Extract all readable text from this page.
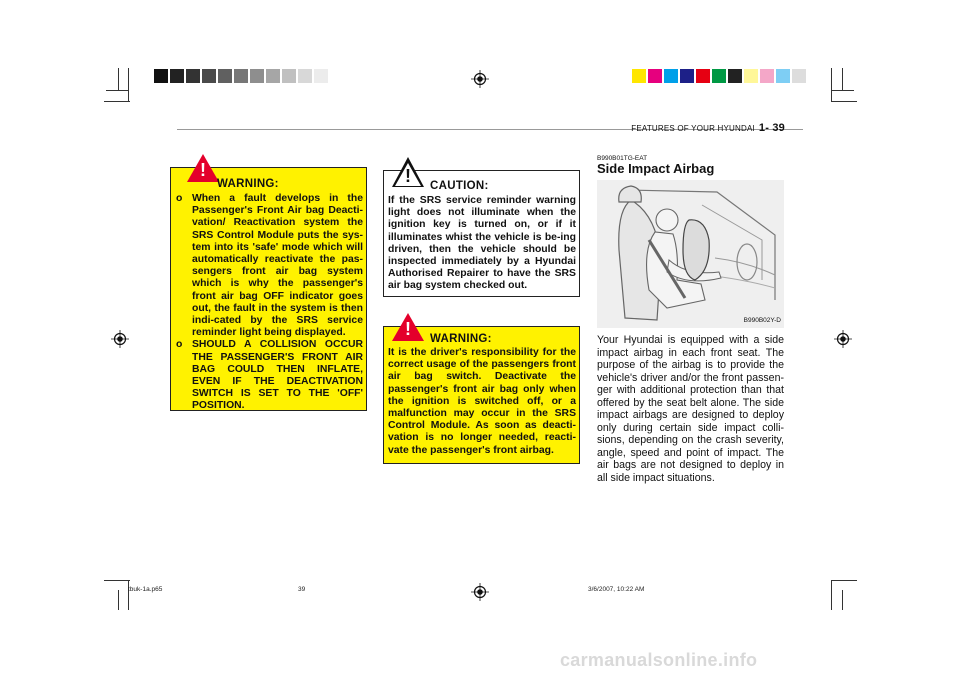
FEATURES OF YOUR HYUNDAI 1- 39
!
WARNING:
o When a fault develops in the Passenger's Front Air bag Deacti-vation/ Reactivation system the SRS Control Module puts the sys-tem into its 'safe' mode which will automatically reactivate the pas-sengers front air bag system which is why the passenger's front air bag OFF indicator goes out, the fault in the system is then indi-cated by the SRS service reminder light being displayed.
o SHOULD A COLLISION OCCUR THE PASSENGER'S FRONT AIR BAG COULD THEN INFLATE, EVEN IF THE DEACTIVATION SWITCH IS SET TO THE 'OFF' POSITION.
!	CAUTION:
If the SRS service reminder warning light does not illuminate when the ignition key is turned on, or if it illuminates whist the vehicle is be-ing driven, then the vehicle should be inspected immediately by a Hyundai Authorised Repairer to have the SRS air bag system checked out.
!	WARNING:
It is the driver's responsibility for the correct usage of the passengers front air bag switch. Deactivate the passenger's front air bag only when the ignition is switched off, or a malfunction may occur in the SRS Control Module. As soon as deacti-vation is no longer needed, reacti-vate the passenger's front airbag.
B990B01TG-EAT
Side Impact Airbag
B990B02Y-D
Your Hyundai is equipped with a side impact airbag in each front seat. The purpose of the airbag is to provide the vehicle's driver and/or the front passen-ger with additional protection than that offered by the seat belt alone. The side impact airbags are designed to deploy only during certain side impact colli-sions, depending on the crash severity, angle, speed and point of impact. The air bags are not designed to deploy in all side impact situations.
tbuk-1a.p65	39	3/6/2007, 10:22 AM
carmanualsonline.info
